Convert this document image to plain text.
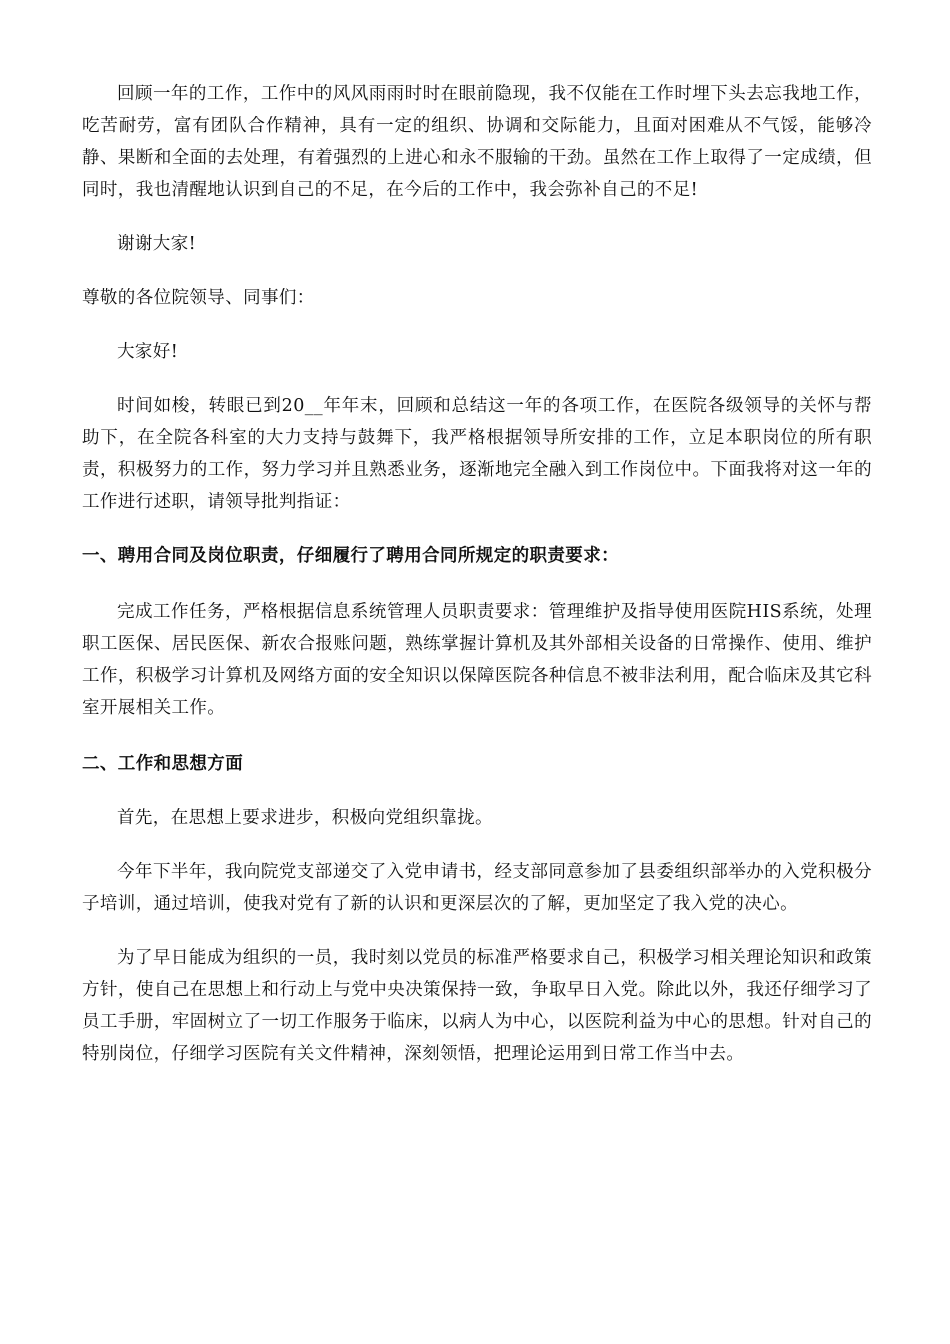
回顾一年的工作，工作中的风风雨雨时时在眼前隐现，我不仅能在工作时埋下头去忘我地工作，吃苦耐劳，富有团队合作精神，具有一定的组织、协调和交际能力，且面对困难从不气馁，能够冷静、果断和全面的去处理，有着强烈的上进心和永不服输的干劲。虽然在工作上取得了一定成绩，但同时，我也清醒地认识到自己的不足，在今后的工作中，我会弥补自己的不足!

谢谢大家!

尊敬的各位院领导、同事们：

大家好!

时间如梭，转眼已到20__年年末，回顾和总结这一年的各项工作，在医院各级领导的关怀与帮助下，在全院各科室的大力支持与鼓舞下，我严格根据领导所安排的工作，立足本职岗位的所有职责，积极努力的工作，努力学习并且熟悉业务，逐渐地完全融入到工作岗位中。下面我将对这一年的工作进行述职，请领导批判指证：

一、聘用合同及岗位职责，仔细履行了聘用合同所规定的职责要求：

完成工作任务，严格根据信息系统管理人员职责要求：管理维护及指导使用医院HIS系统，处理职工医保、居民医保、新农合报账问题，熟练掌握计算机及其外部相关设备的日常操作、使用、维护工作，积极学习计算机及网络方面的安全知识以保障医院各种信息不被非法利用，配合临床及其它科室开展相关工作。

二、工作和思想方面

首先，在思想上要求进步，积极向党组织靠拢。

今年下半年，我向院党支部递交了入党申请书，经支部同意参加了县委组织部举办的入党积极分子培训，通过培训，使我对党有了新的认识和更深层次的了解，更加坚定了我入党的决心。

为了早日能成为组织的一员，我时刻以党员的标准严格要求自己，积极学习相关理论知识和政策方针，使自己在思想上和行动上与党中央决策保持一致，争取早日入党。除此以外，我还仔细学习了员工手册，牢固树立了一切工作服务于临床，以病人为中心，以医院利益为中心的思想。针对自己的特别岗位，仔细学习医院有关文件精神，深刻领悟，把理论运用到日常工作当中去。
